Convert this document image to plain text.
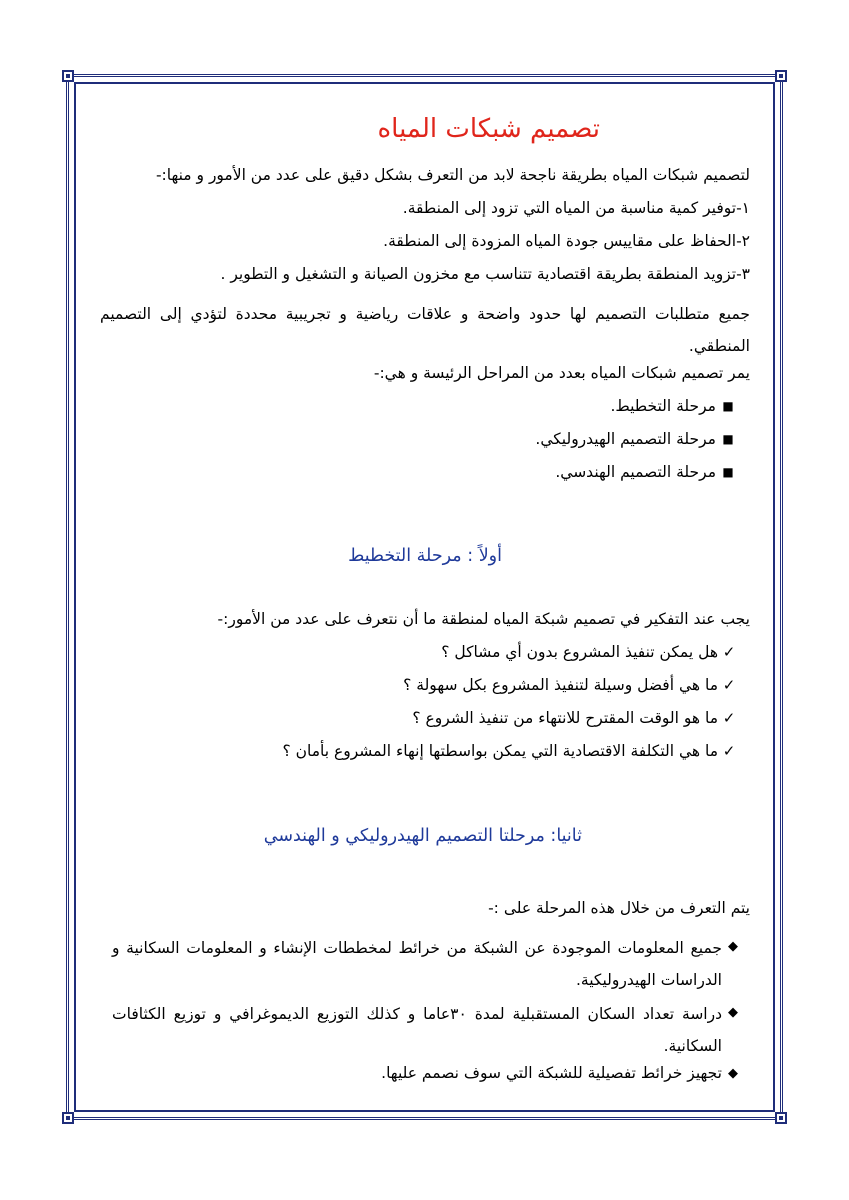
تصميم شبكات المياه
لتصميم شبكات المياه بطريقة ناجحة لابد من التعرف بشكل دقيق على عدد من الأمور و منها:-
١-توفير كمية مناسبة من المياه التي تزود إلى المنطقة.
٢-الحفاظ على مقاييس جودة المياه المزودة إلى المنطقة.
٣-تزويد المنطقة بطريقة اقتصادية تتناسب مع مخزون الصيانة و التشغيل و التطوير .
جميع متطلبات التصميم لها حدود واضحة و علاقات رياضية و تجريبية محددة لتؤدي إلى التصميم المنطقي.
يمر تصميم شبكات المياه بعدد من المراحل الرئيسة و هي:-
■
مرحلة التخطيط.
■
مرحلة التصميم الهيدروليكي.
■
مرحلة التصميم الهندسي.
أولاً : مرحلة التخطيط
يجب عند التفكير في تصميم شبكة المياه لمنطقة ما أن نتعرف على عدد من الأمور:-
✓
هل يمكن تنفيذ المشروع بدون أي مشاكل ؟
✓
ما هي أفضل وسيلة لتنفيذ المشروع بكل سهولة ؟
✓
ما هو الوقت المقترح للانتهاء من تنفيذ الشروع ؟
✓
ما هي التكلفة الاقتصادية التي يمكن بواسطتها إنهاء المشروع بأمان ؟
ثانيا: مرحلتا التصميم الهيدروليكي و الهندسي
يتم التعرف من خلال هذه المرحلة على :-
◆
جميع المعلومات الموجودة عن الشبكة من خرائط لمخططات الإنشاء و المعلومات السكانية و الدراسات الهيدروليكية.
◆
دراسة تعداد السكان المستقبلية لمدة ٣٠عاما و كذلك التوزيع الديموغرافي و توزيع الكثافات السكانية.
◆
تجهيز خرائط تفصيلية للشبكة التي سوف نصمم عليها.
